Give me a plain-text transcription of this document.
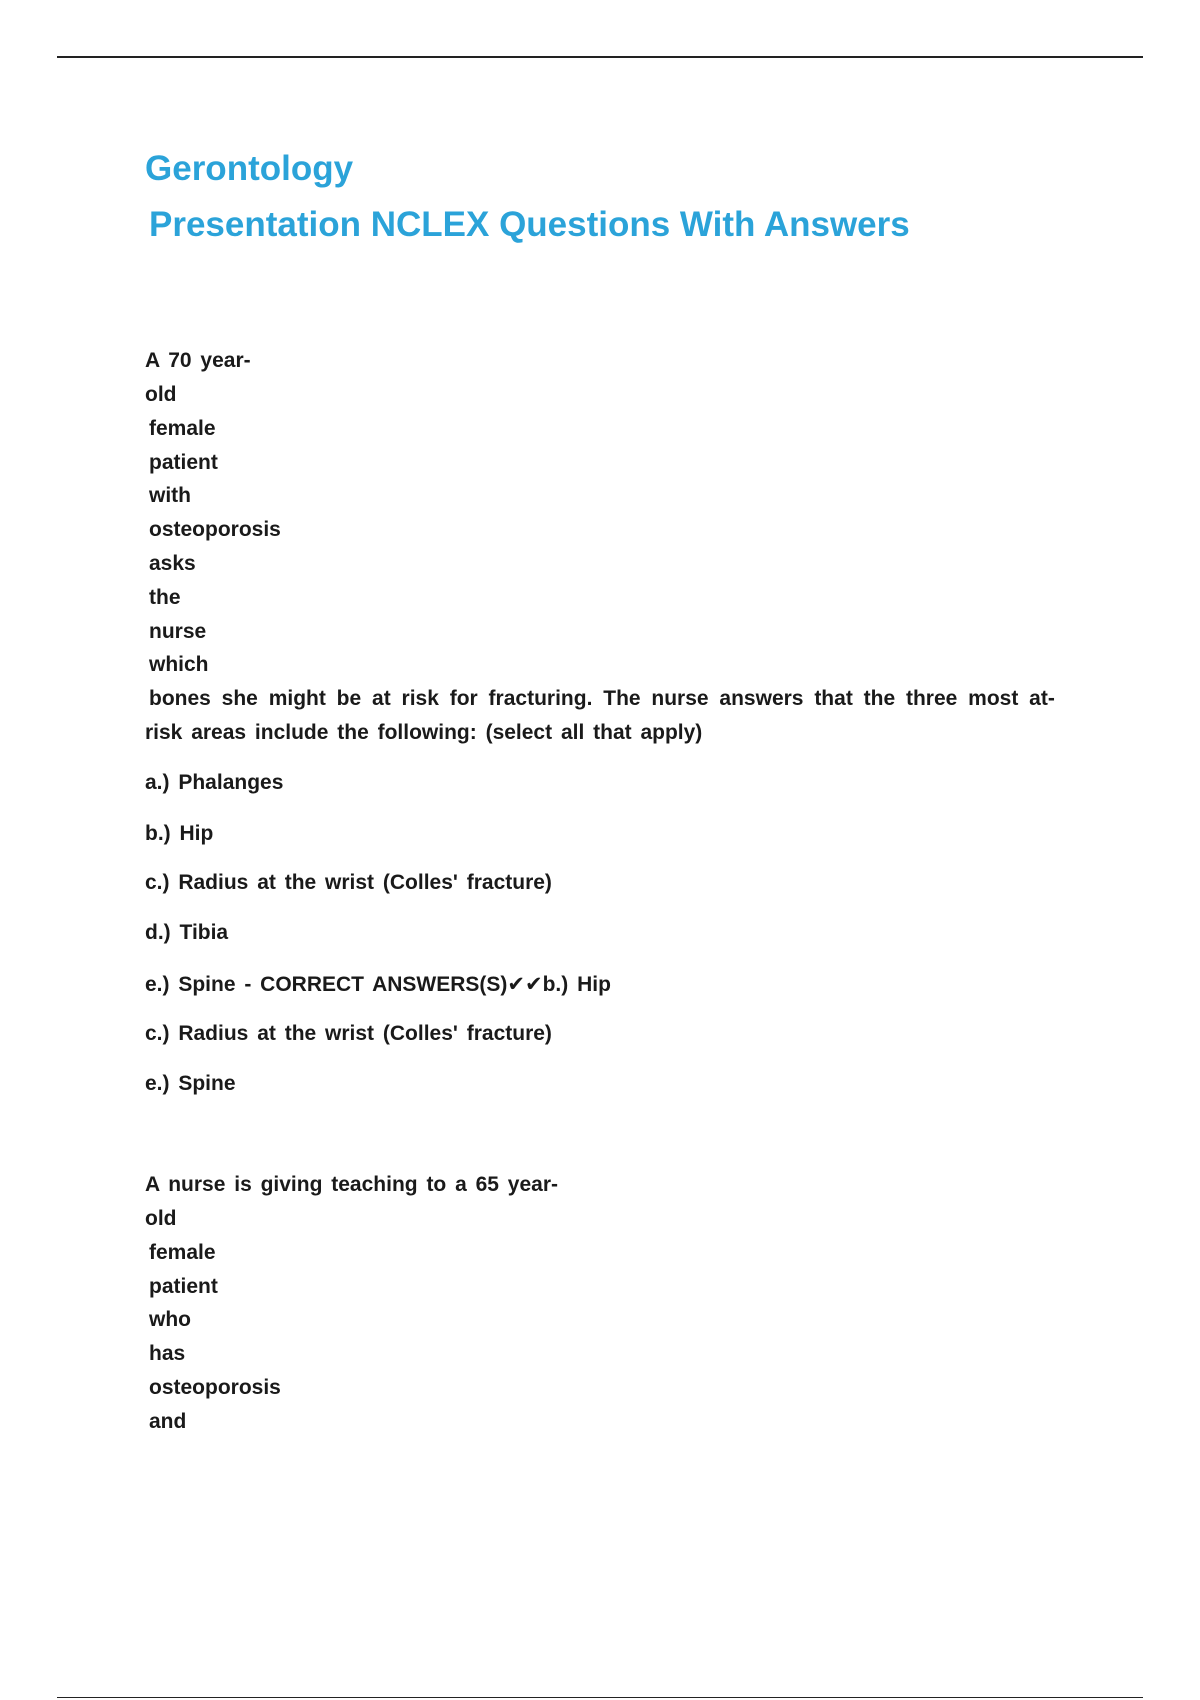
Gerontology
Presentation NCLEX Questions With Answers
A 70 year-
old
female
patient
with
osteoporosis
asks
the
nurse
which
bones she might be at risk for fracturing. The nurse answers that the three most at-
risk areas include the following: (select all that apply)
a.) Phalanges
b.) Hip
c.) Radius at the wrist (Colles' fracture)
d.) Tibia
e.) Spine - CORRECT ANSWERS(S)✔✔b.) Hip
c.) Radius at the wrist (Colles' fracture)
e.) Spine
A nurse is giving teaching to a 65 year-
old
female
patient
who
has
osteoporosis
and
